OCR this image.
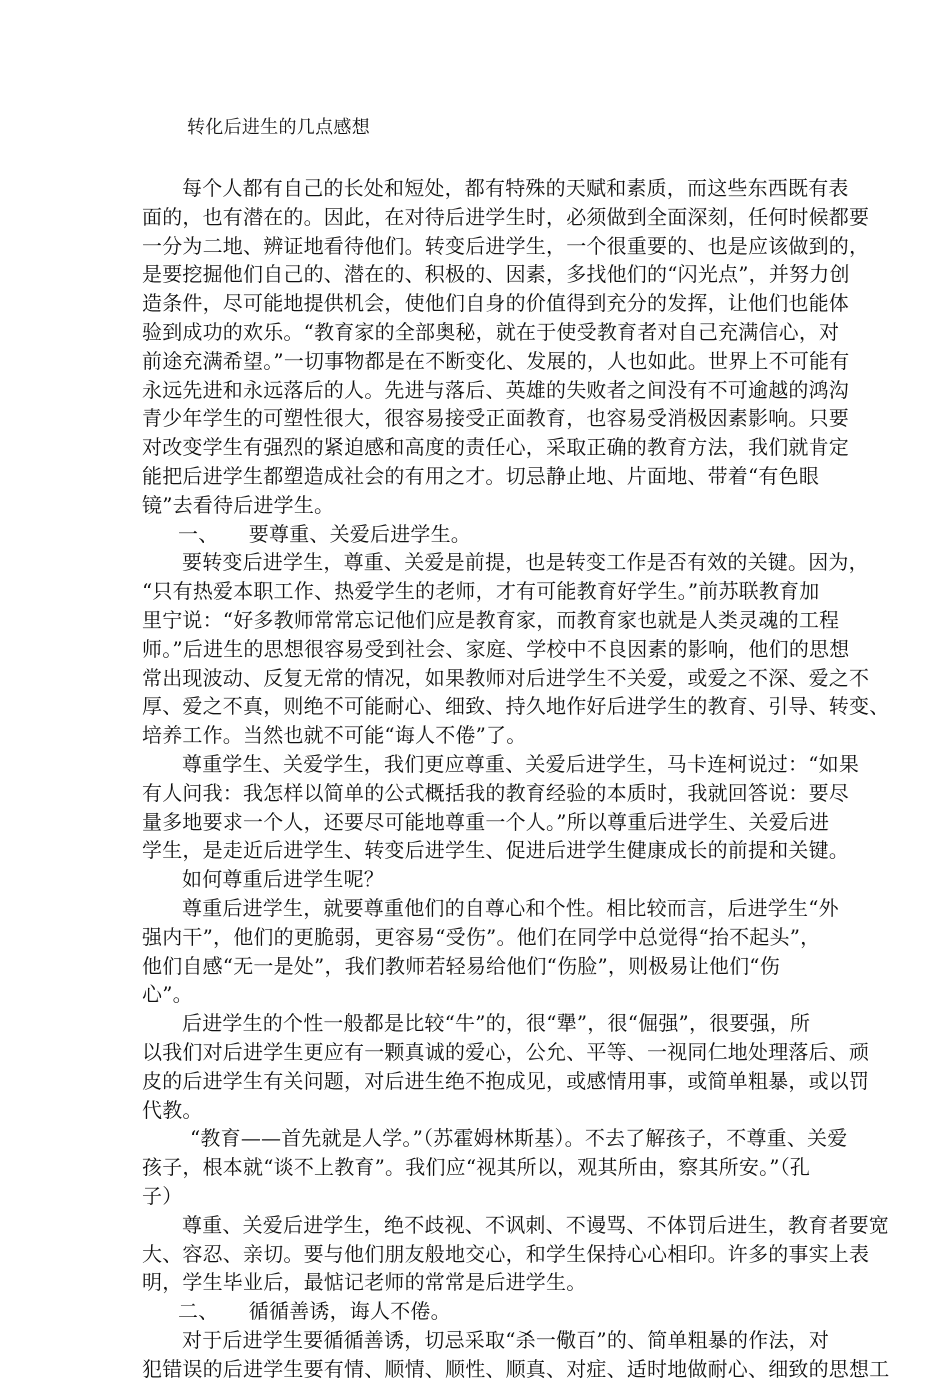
转化后进生的几点感想
每个人都有自己的长处和短处，都有特殊的天赋和素质，而这些东西既有表
面的，也有潜在的。因此，在对待后进学生时，必须做到全面深刻，任何时候都要
一分为二地、辨证地看待他们。转变后进学生，一个很重要的、也是应该做到的，
是要挖掘他们自己的、潜在的、积极的、因素，多找他们的“闪光点”，并努力创
造条件，尽可能地提供机会，使他们自身的价值得到充分的发挥，让他们也能体
验到成功的欢乐。“教育家的全部奥秘，就在于使受教育者对自己充满信心，对
前途充满希望。”一切事物都是在不断变化、发展的，人也如此。世界上不可能有
永远先进和永远落后的人。先进与落后、英雄的失败者之间没有不可逾越的鸿沟
青少年学生的可塑性很大，很容易接受正面教育，也容易受消极因素影响。只要
对改变学生有强烈的紧迫感和高度的责任心，采取正确的教育方法，我们就肯定
能把后进学生都塑造成社会的有用之才。切忌静止地、片面地、带着“有色眼
镜”去看待后进学生。
一、　　要尊重、关爱后进学生。
要转变后进学生，尊重、关爱是前提，也是转变工作是否有效的关键。因为，
“只有热爱本职工作、热爱学生的老师，才有可能教育好学生。”前苏联教育加
里宁说：“好多教师常常忘记他们应是教育家，而教育家也就是人类灵魂的工程
师。”后进生的思想很容易受到社会、家庭、学校中不良因素的影响，他们的思想
常出现波动、反复无常的情况，如果教师对后进学生不关爱，或爱之不深、爱之不
厚、爱之不真，则绝不可能耐心、细致、持久地作好后进学生的教育、引导、转变、
培养工作。当然也就不可能“诲人不倦”了。
尊重学生、关爱学生，我们更应尊重、关爱后进学生，马卡连柯说过：“如果
有人问我：我怎样以简单的公式概括我的教育经验的本质时，我就回答说：要尽
量多地要求一个人，还要尽可能地尊重一个人。”所以尊重后进学生、关爱后进
学生，是走近后进学生、转变后进学生、促进后进学生健康成长的前提和关键。
如何尊重后进学生呢？
尊重后进学生，就要尊重他们的自尊心和个性。相比较而言，后进学生“外
强内干”，他们的更脆弱，更容易“受伤”。他们在同学中总觉得“抬不起头”，
他们自感“无一是处”，我们教师若轻易给他们“伤脸”，则极易让他们“伤
心”。
后进学生的个性一般都是比较“牛”的，很“犟”，很“倔强”，很要强，所
以我们对后进学生更应有一颗真诚的爱心，公允、平等、一视同仁地处理落后、顽
皮的后进学生有关问题，对后进生绝不抱成见，或感情用事，或简单粗暴，或以罚
代教。
“教育——首先就是人学。”（苏霍姆林斯基）。不去了解孩子，不尊重、关爱
孩子，根本就“谈不上教育”。我们应“视其所以，观其所由，察其所安。”（孔
子）
尊重、关爱后进学生，绝不歧视、不讽刺、不谩骂、不体罚后进生，教育者要宽
大、容忍、亲切。要与他们朋友般地交心，和学生保持心心相印。许多的事实上表
明，学生毕业后，最惦记老师的常常是后进学生。
二、　　循循善诱，诲人不倦。
对于后进学生要循循善诱，切忌采取“杀一儆百”的、简单粗暴的作法，对
犯错误的后进学生要有情、顺情、顺性、顺真、对症、适时地做耐心、细致的思想工
